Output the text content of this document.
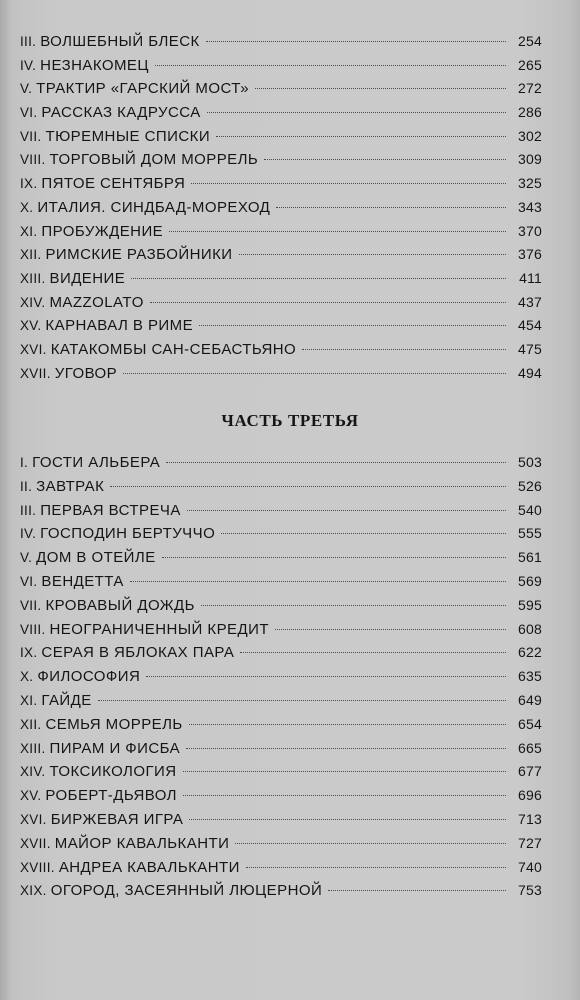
III. ВОЛШЕБНЫЙ БЛЕСК	254
IV. НЕЗНАКОМЕЦ	265
V. ТРАКТИР «ГАРСКИЙ МОСТ»	272
VI. РАССКАЗ КАДРУССА	286
VII. ТЮРЕМНЫЕ СПИСКИ	302
VIII. ТОРГОВЫЙ ДОМ МОРРЕЛЬ	309
IX. ПЯТОЕ СЕНТЯБРЯ	325
X. ИТАЛИЯ. СИНДБАД-МОРЕХОД	343
XI. ПРОБУЖДЕНИЕ	370
XII. РИМСКИЕ РАЗБОЙНИКИ	376
XIII. ВИДЕНИЕ	411
XIV. MAZZOLATO	437
XV. КАРНАВАЛ В РИМЕ	454
XVI. КАТАКОМБЫ САН-СЕБАСТЬЯНО	475
XVII. УГОВОР	494
ЧАСТЬ ТРЕТЬЯ
I. ГОСТИ АЛЬБЕРА	503
II. ЗАВТРАК	526
III. ПЕРВАЯ ВСТРЕЧА	540
IV. ГОСПОДИН БЕРТУЧЧО	555
V. ДОМ В ОТЕЙЛЕ	561
VI. ВЕНДЕТТА	569
VII. КРОВАВЫЙ ДОЖДЬ	595
VIII. НЕОГРАНИЧЕННЫЙ КРЕДИТ	608
IX. СЕРАЯ В ЯБЛОКАХ ПАРА	622
X. ФИЛОСОФИЯ	635
XI. ГАЙДЕ	649
XII. СЕМЬЯ МОРРЕЛЬ	654
XIII. ПИРАМ И ФИСБА	665
XIV. ТОКСИКОЛОГИЯ	677
XV. РОБЕРТ-ДЬЯВОЛ	696
XVI. БИРЖЕВАЯ ИГРА	713
XVII. МАЙОР КАВАЛЬКАНТИ	727
XVIII. АНДРЕА КАВАЛЬКАНТИ	740
XIX. ОГОРОД, ЗАСЕЯННЫЙ ЛЮЦЕРНОЙ	753
